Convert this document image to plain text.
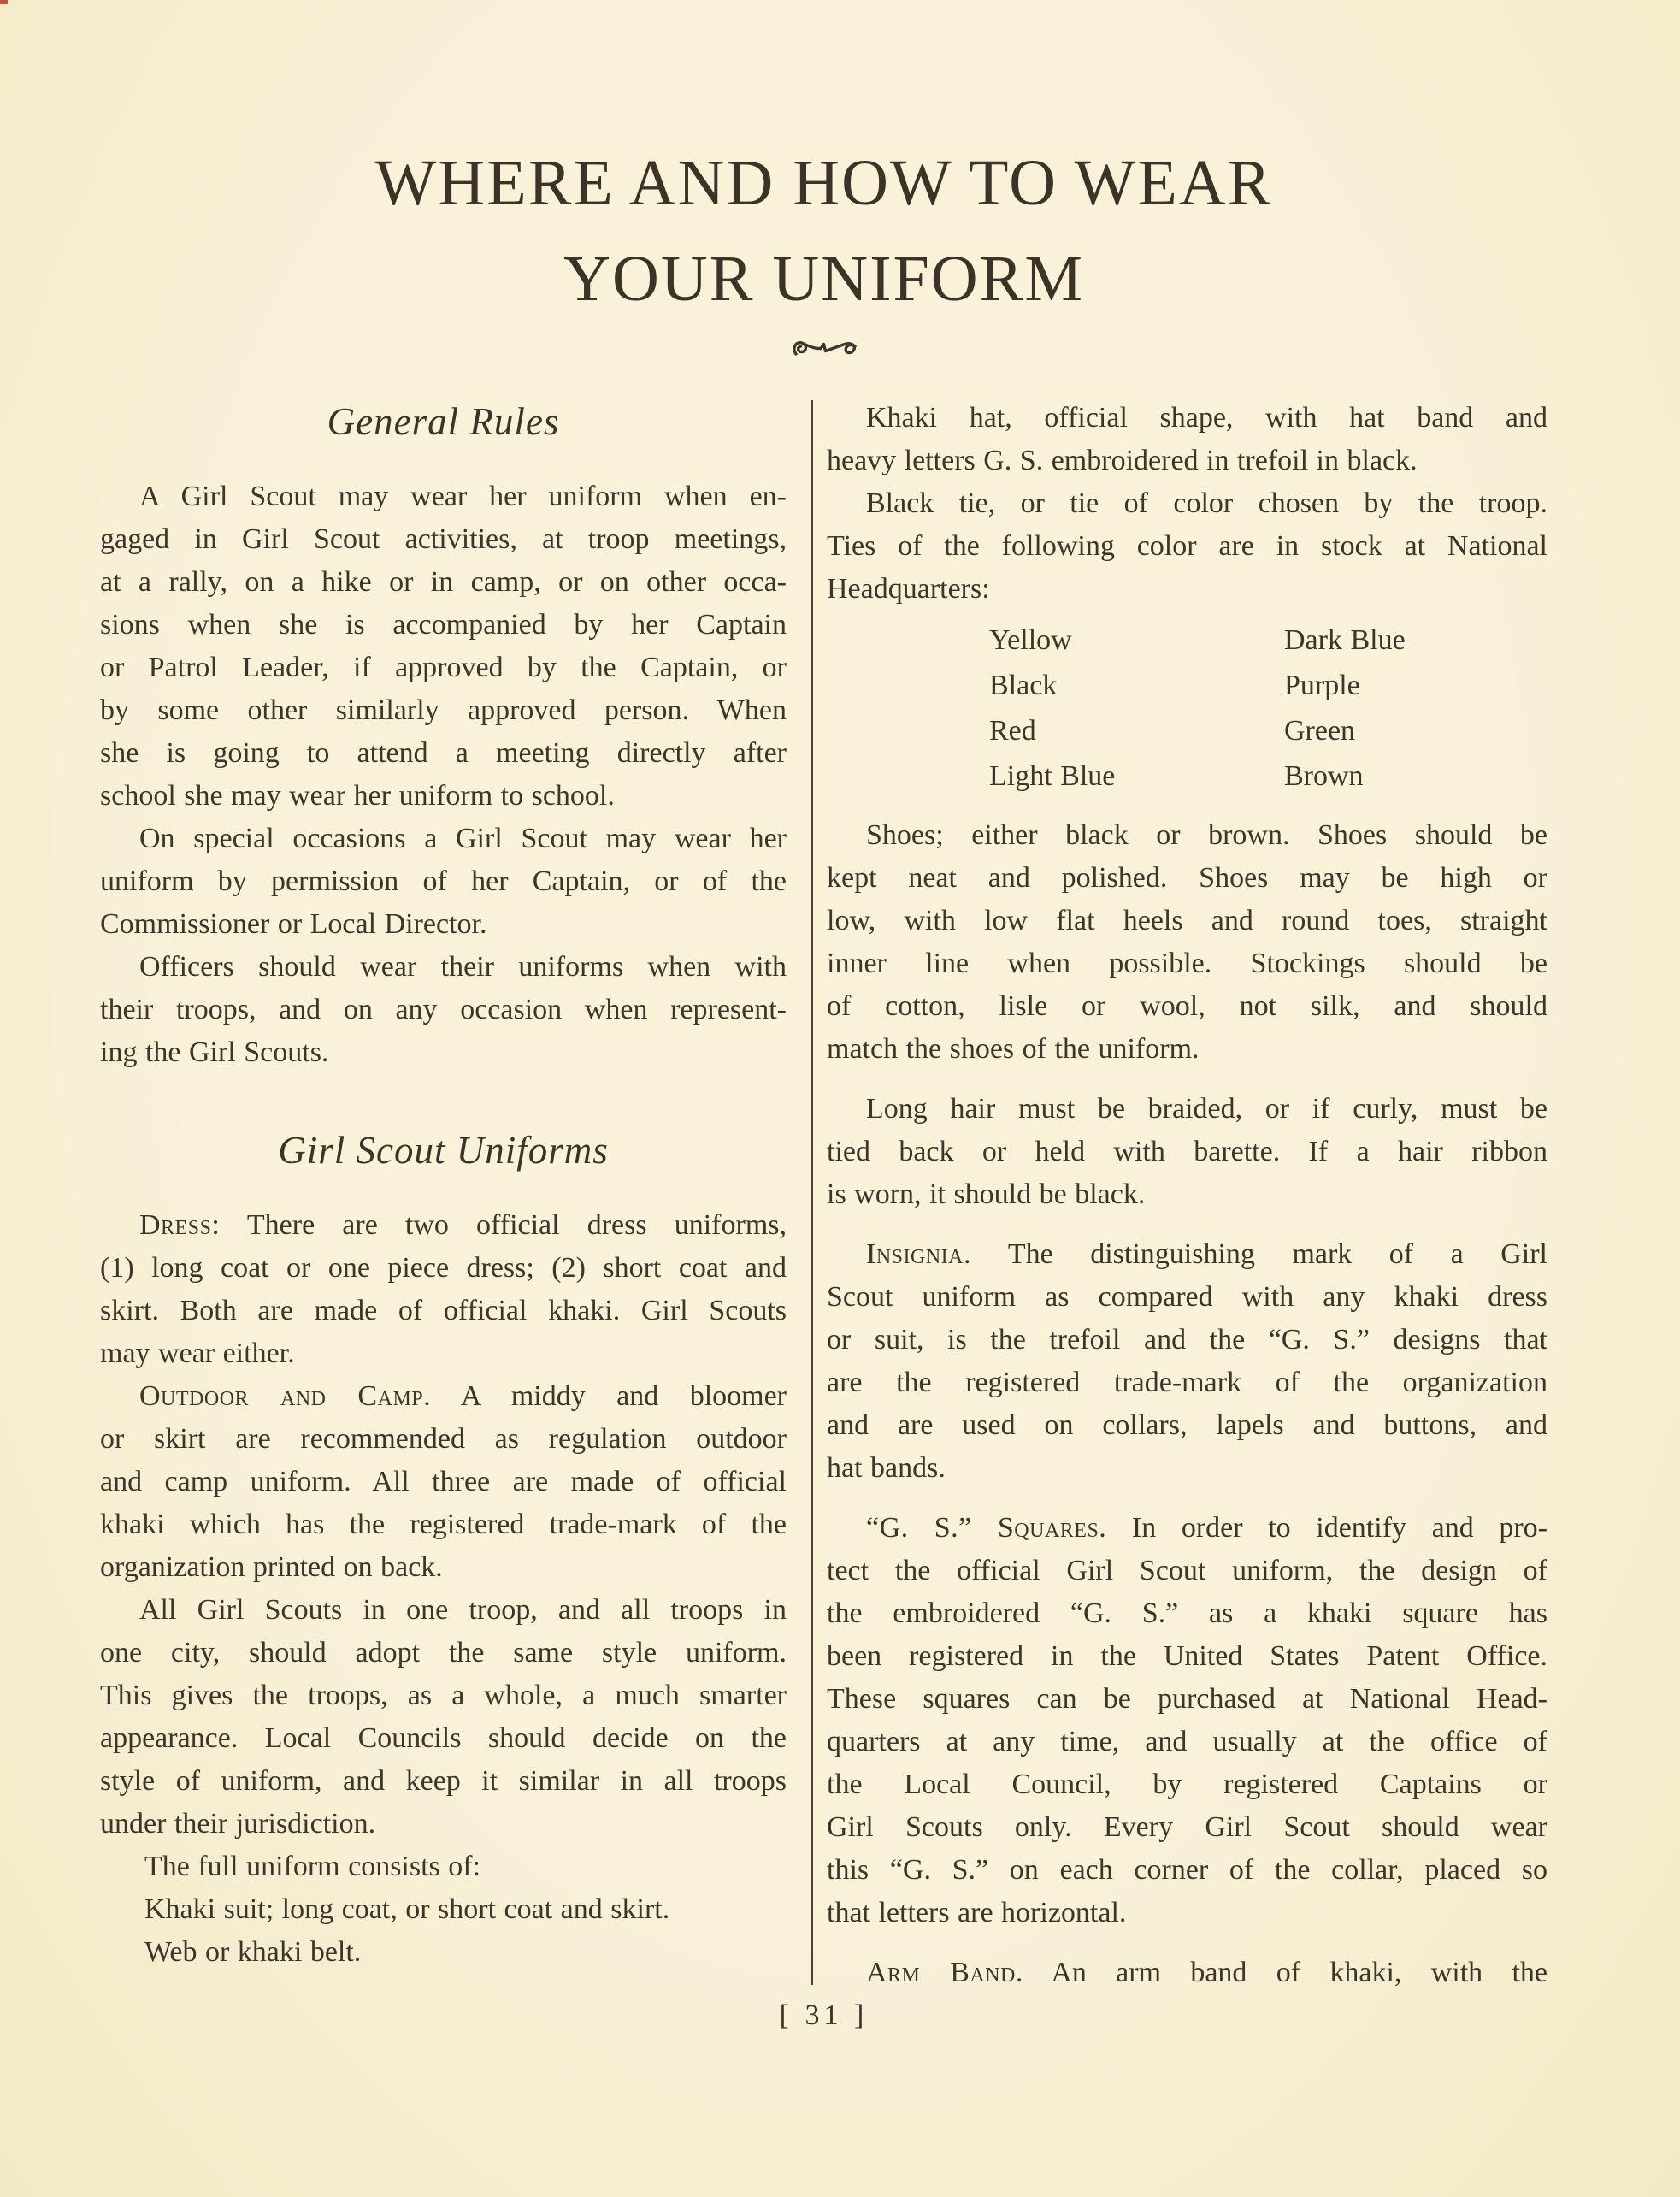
WHERE AND HOW TO WEAR
YOUR UNIFORM
General Rules
A Girl Scout may wear her uniform when en-
gaged in Girl Scout activities, at troop meetings,
at a rally, on a hike or in camp, or on other occa-
sions when she is accompanied by her Captain
or Patrol Leader, if approved by the Captain, or
by some other similarly approved person. When
she is going to attend a meeting directly after
school she may wear her uniform to school.
On special occasions a Girl Scout may wear her
uniform by permission of her Captain, or of the
Commissioner or Local Director.
Officers should wear their uniforms when with
their troops, and on any occasion when represent-
ing the Girl Scouts.
Girl Scout Uniforms
Dress: There are two official dress uniforms,
(1) long coat or one piece dress; (2) short coat and
skirt. Both are made of official khaki. Girl Scouts
may wear either.
Outdoor and Camp. A middy and bloomer
or skirt are recommended as regulation outdoor
and camp uniform. All three are made of official
khaki which has the registered trade-mark of the
organization printed on back.
All Girl Scouts in one troop, and all troops in
one city, should adopt the same style uniform.
This gives the troops, as a whole, a much smarter
appearance. Local Councils should decide on the
style of uniform, and keep it similar in all troops
under their jurisdiction.
The full uniform consists of:
Khaki suit; long coat, or short coat and skirt.
Web or khaki belt.
Khaki hat, official shape, with hat band and
heavy letters G. S. embroidered in trefoil in black.
Black tie, or tie of color chosen by the troop.
Ties of the following color are in stock at National
Headquarters:
Yellow
Black
Red
Light Blue
Dark Blue
Purple
Green
Brown
Shoes; either black or brown. Shoes should be
kept neat and polished. Shoes may be high or
low, with low flat heels and round toes, straight
inner line when possible. Stockings should be
of cotton, lisle or wool, not silk, and should
match the shoes of the uniform.
Long hair must be braided, or if curly, must be
tied back or held with barette. If a hair ribbon
is worn, it should be black.
Insignia. The distinguishing mark of a Girl
Scout uniform as compared with any khaki dress
or suit, is the trefoil and the “G. S.” designs that
are the registered trade-mark of the organization
and are used on collars, lapels and buttons, and
hat bands.
“G. S.” Squares. In order to identify and pro-
tect the official Girl Scout uniform, the design of
the embroidered “G. S.” as a khaki square has
been registered in the United States Patent Office.
These squares can be purchased at National Head-
quarters at any time, and usually at the office of
the Local Council, by registered Captains or
Girl Scouts only. Every Girl Scout should wear
this “G. S.” on each corner of the collar, placed so
that letters are horizontal.
Arm Band. An arm band of khaki, with the
[ 31 ]
